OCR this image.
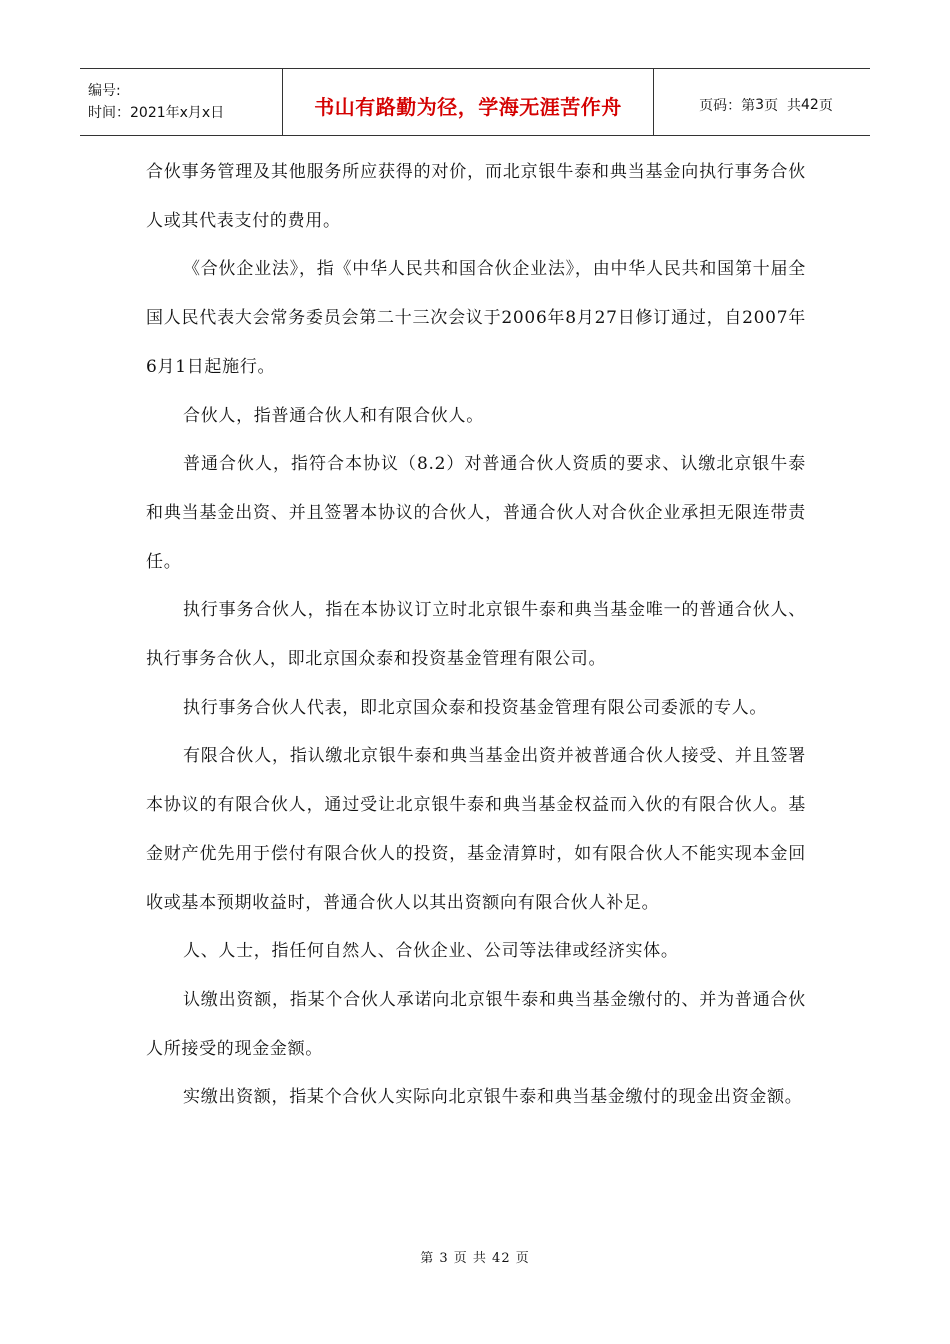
编号:
时间：2021年x月x日	书山有路勤为径，学海无涯苦作舟	页码：第 3 页  共 42 页

合伙事务管理及其他服务所应获得的对价，而北京银牛泰和典当基金向执行事务合伙人或其代表支付的费用。

《合伙企业法》，指《中华人民共和国合伙企业法》，由中华人民共和国第十届全国人民代表大会常务委员会第二十三次会议于2006年8月27日修订通过，自2007年6月1日起施行。

合伙人，指普通合伙人和有限合伙人。

普通合伙人，指符合本协议（8.2）对普通合伙人资质的要求、认缴北京银牛泰和典当基金出资、并且签署本协议的合伙人，普通合伙人对合伙企业承担无限连带责任。

执行事务合伙人，指在本协议订立时北京银牛泰和典当基金唯一的普通合伙人、执行事务合伙人，即北京国众泰和投资基金管理有限公司。

执行事务合伙人代表，即北京国众泰和投资基金管理有限公司委派的专人。

有限合伙人，指认缴北京银牛泰和典当基金出资并被普通合伙人接受、并且签署本协议的有限合伙人，通过受让北京银牛泰和典当基金权益而入伙的有限合伙人。基金财产优先用于偿付有限合伙人的投资，基金清算时，如有限合伙人不能实现本金回收或基本预期收益时，普通合伙人以其出资额向有限合伙人补足。

人、人士，指任何自然人、合伙企业、公司等法律或经济实体。

认缴出资额，指某个合伙人承诺向北京银牛泰和典当基金缴付的、并为普通合伙人所接受的现金金额。

实缴出资额，指某个合伙人实际向北京银牛泰和典当基金缴付的现金出资金额。

第 3 页 共 42 页
